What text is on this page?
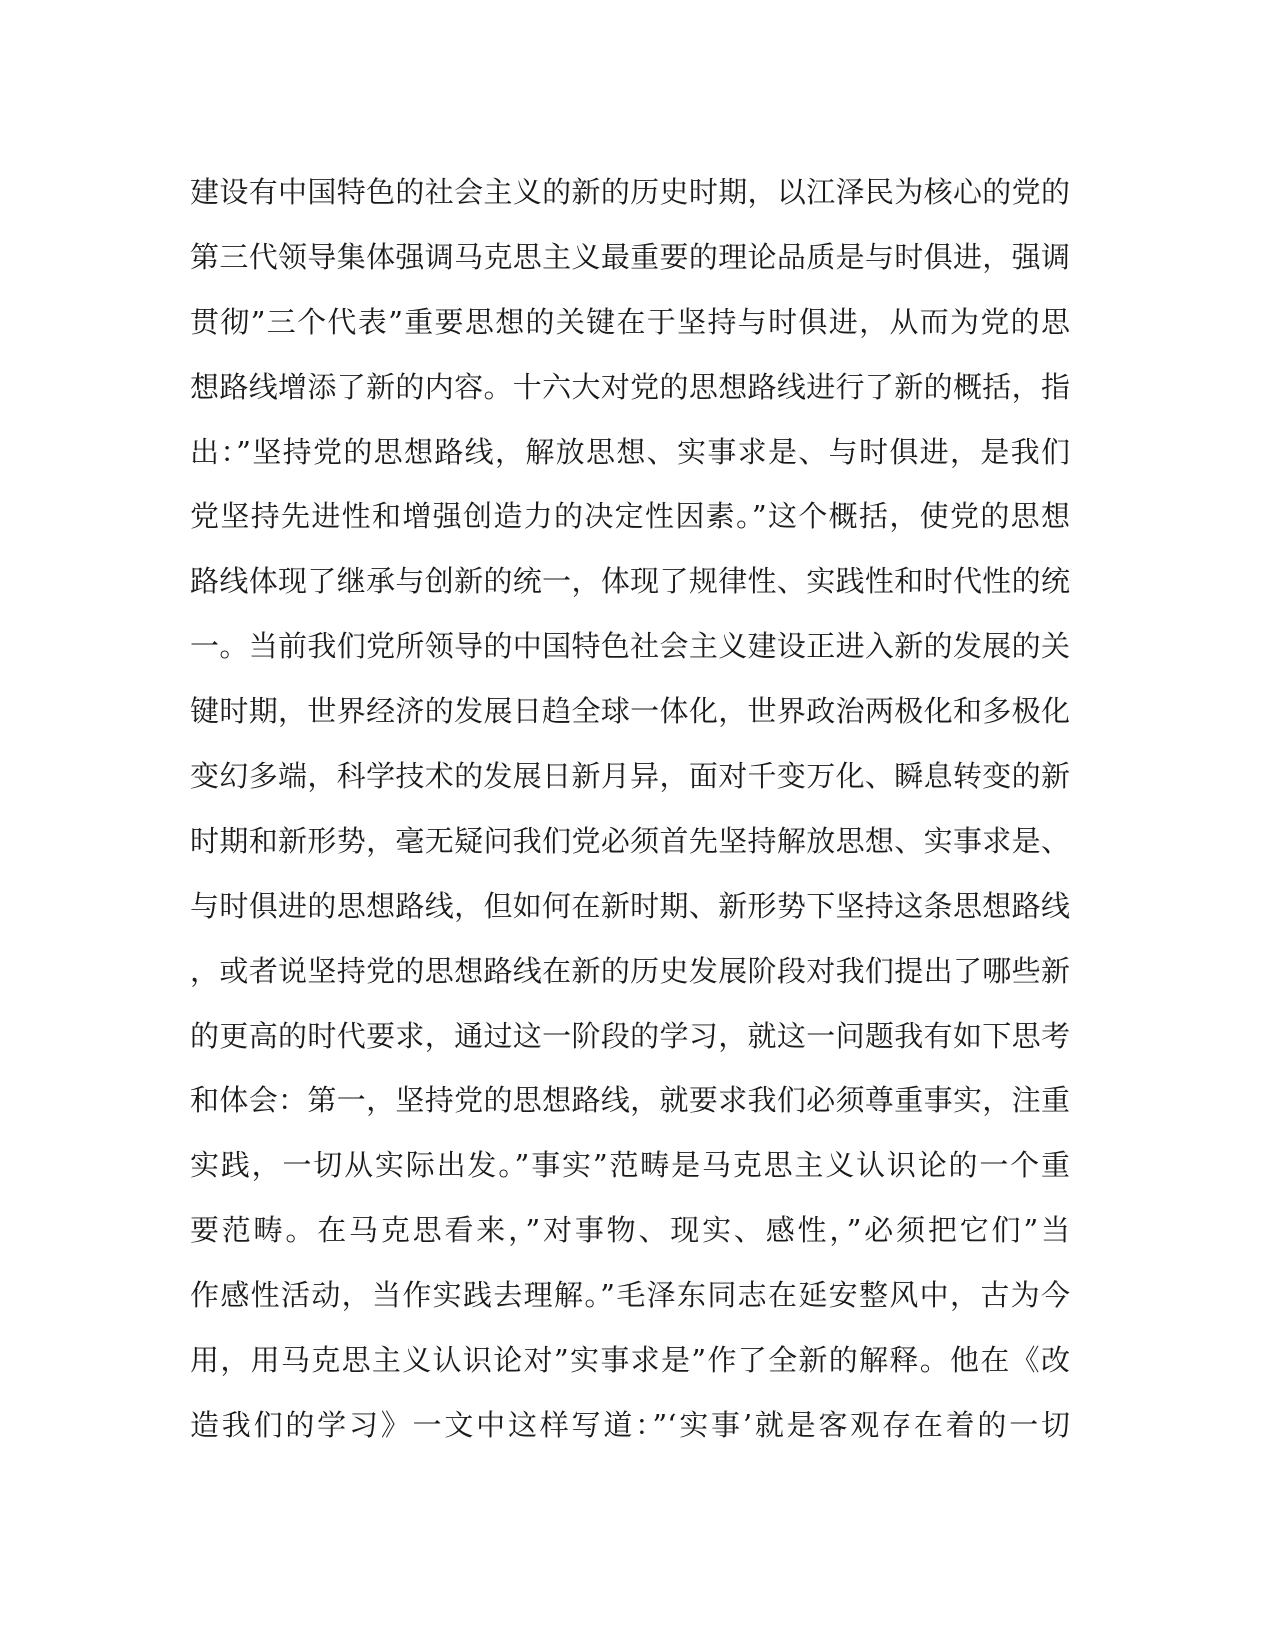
建设有中国特色的社会主义的新的历史时期，以江泽民为核心的党的
第三代领导集体强调马克思主义最重要的理论品质是与时俱进，强调
贯彻”三个代表”重要思想的关键在于坚持与时俱进，从而为党的思
想路线增添了新的内容。十六大对党的思想路线进行了新的概括，指
出：”坚持党的思想路线，解放思想、实事求是、与时俱进，是我们
党坚持先进性和增强创造力的决定性因素。”这个概括，使党的思想
路线体现了继承与创新的统一，体现了规律性、实践性和时代性的统
一。当前我们党所领导的中国特色社会主义建设正进入新的发展的关
键时期，世界经济的发展日趋全球一体化，世界政治两极化和多极化
变幻多端，科学技术的发展日新月异，面对千变万化、瞬息转变的新
时期和新形势，毫无疑问我们党必须首先坚持解放思想、实事求是、
与时俱进的思想路线，但如何在新时期、新形势下坚持这条思想路线
，或者说坚持党的思想路线在新的历史发展阶段对我们提出了哪些新
的更高的时代要求，通过这一阶段的学习，就这一问题我有如下思考
和体会：第一，坚持党的思想路线，就要求我们必须尊重事实，注重
实践，一切从实际出发。”事实”范畴是马克思主义认识论的一个重
要范畴。在马克思看来，”对事物、现实、感性，”必须把它们”当
作感性活动，当作实践去理解。”毛泽东同志在延安整风中，古为今
用，用马克思主义认识论对”实事求是”作了全新的解释。他在《改
造我们的学习》一文中这样写道：”‘实事’就是客观存在着的一切
